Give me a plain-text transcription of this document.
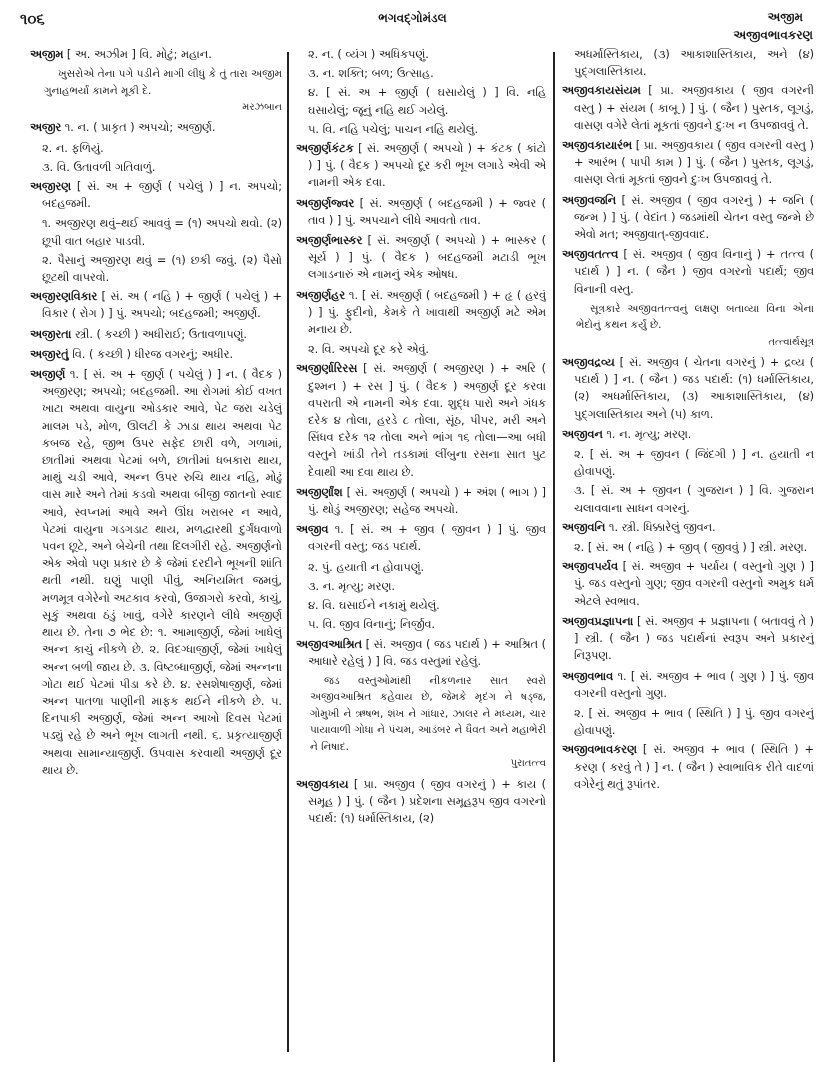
૧૦૬	ભગવદ્ગોમંડલ	અજીમ
અજીવભાવકરણ
અજીમ [ અ. અઝીમ ] વિ. મોટું; મહાન.
ખુસરોએ તેના પગે પડીને માગી લીધું કે તું તારા અજીમ ગુનાહભર્યાં કામને મૂકી દે.
મરઝબાન
અજીર ૧. ન. ( પ્રાકૃત ) અપચો; અજીર્ણ.
૨. ન. ફળિયું.
૩. વિ. ઉતાવળી ગતિવાળું.
અજીરણ [ સં. અ + જીર્ણ ( પચેલું ) ] ન. અપચો; બદહજમી.
૧. અજીરણ થવું–થઈ આવવું = (૧) અપચો થવો. (૨) છૂપી વાત બહાર પાડવી.
૨. પૈસાનું અજીરણ થવું = (૧) છકી જવું. (૨) પૈસો છૂટથી વાપરવો.
અજીરણવિકાર [ સં. અ ( નહિ ) + જીર્ણ ( પચેલું ) + વિકાર ( રોગ ) ] પું. અપચો; બદહજમી; અજીર્ણ.
અજીરતા સ્ત્રી. ( કચ્છી ) અધીરાઈ; ઉતાવળાપણું.
અજીરતું વિ. ( કચ્છી ) ધીરજ વગરનું; અધીર.
અજીર્ણ ૧. [ સં. અ + જીર્ણ ( પચેલું ) ] ન. ( વૈદક ) અજીરણ; અપચો; બદહજમી. આ રોગમાં કોઈ વખત ખાટા અથવા વાયુના ઓડકાર આવે, પેટ જરા ચડેલું માલમ પડે, મોળ, ઊલટી કે ઝાડા થાય અથવા પેટ કબજ રહે, જીભ ઉપર સફેદ છારી વળે, ગળામાં, છાતીમાં અથવા પેટમાં બળે, છાતીમાં ધબકારા થાય, માથું ચડી આવે, અન્ન ઉપર રુચિ થાય નહિ, મોઢું વાસ મારે અને તેમાં કડવો અથવા બીજી જાતનો સ્વાદ આવે, સ્વપ્નમાં આવે અને ઊંઘ ખરાબર ન આવે, પેટમાં વાયુના ગડગડાટ થાય, મળદ્વારથી દુર્ગંધવાળો પવન છૂટે, અને બેચેની તથા દિલગીરી રહે. અજીર્ણનો એક એવો પણ પ્રકાર છે કે જેમાં દરદીને ભૂખની શાંતિ થતી નથી. ઘણું પાણી પીવું, અનિયમિત જમવું, મળમૂત્ર વગેરેનો અટકાવ કરવો, ઉજાગરો કરવો, કાચું, સૂકું અથવા ઠંડું ખાવું, વગેરે કારણને લીધે અજીર્ણ થાય છે. તેના ૭ ભેદ છે: ૧. આમાજીર્ણ, જેમાં ખાધેલું અન્ન કાચું નીકળે છે. ૨. વિદગ્ધાજીર્ણ, જેમાં ખાધેલું અન્ન બળી જાય છે. ૩. વિષ્ટબ્ધાજીર્ણ, જેમાં અન્નના ગોટા થઈ પેટમાં પીડા કરે છે. ૪. રસશેષાજીર્ણ, જેમાં અન્ન પાતળા પાણીની માફક થઈને નીકળે છે. ૫. દિનપાકી અજીર્ણ, જેમાં અન્ન આખો દિવસ પેટમાં પડ્યું રહે છે અને ભૂખ લાગતી નથી. ૬. પ્રકૃત્યાજીર્ણ અથવા સામાન્યાજીર્ણ. ઉપવાસ કરવાથી અજીર્ણ દૂર થાય છે.
૨. ન. ( વ્યંગ ) અધિકપણું.
૩. ન. શક્તિ; બળ; ઉત્સાહ.
૪. [ સં. અ + જીર્ણ ( ઘસાયેલું ) ] વિ. નહિ ઘસાયેલું; જૂનું નહિ થઈ ગયેલું.
૫. વિ. નહિ પચેલું; પાચન નહિ થયેલું.
અજીર્ણકંટક [ સં. અજીર્ણ ( અપચો ) + કંટક ( કાંટો ) ] પું. ( વૈદક ) અપચો દૂર કરી ભૂખ લગાડે એવી એ નામની એક દવા.
અજીર્ણજ્વર [ સં. અજીર્ણ ( બદહજમી ) + જ્વર ( તાવ ) ] પું. અપચાને લીધે આવતો તાવ.
અજીર્ણભાસ્કર [ સં. અજીર્ણ ( અપચો ) + ભાસ્કર ( સૂર્ય ) ] પું. ( વૈદક ) બદહજમી મટાડી ભૂખ લગાડનારું એ નામનું એક ઓષધ.
અજીર્ણહર ૧. [ સં. અજીર્ણ ( બદહજમી ) + હૃ ( હરવું ) ] પું. ફુદીનો, કેમકે તે ખાવાથી અજીર્ણ મટે એમ મનાય છે.
૨. વિ. અપચો દૂર કરે એવું.
અજીર્ણારિરસ [ સં. અજીર્ણ ( અજીરણ ) + અરિ ( દુશ્મન ) + રસ ] પું. ( વૈદક ) અજીર્ણ દૂર કરવા વપરાતી એ નામની એક દવા. શુદ્ધ પારો અને ગંધક દરેક ૪ તોલા, હરડે ૮ તોલા, સૂંઠ, પીપર, મરી અને સિંધવ દરેક ૧૨ તોલા અને ભાંગ ૧૬ તોલા—આ બધી વસ્તુને ખાંડી તેને તડકામાં લીંબુના રસના સાત પુટ દેવાથી આ દવા થાય છે.
અજીર્ણાંશ [ સં. અજીર્ણ ( અપચો ) + અંશ ( ભાગ ) ] પું. થોડું અજીરણ; સહેજ અપચો.
અજીવ ૧. [ સં. અ + જીવ ( જીવન ) ] પું. જીવ વગરની વસ્તુ; જડ પદાર્થ.
૨. પું. હયાતી ન હોવાપણું.
૩. ન. મૃત્યુ; મરણ.
૪. વિ. ઘસાઈને નકામું થયેલું.
૫. વિ. જીવ વિનાનું; નિર્જીવ.
અજીવઆશ્રિત [ સં. અજીવ ( જડ પદાર્થ ) + આશ્રિત ( આધારે રહેલું ) ] વિ. જડ વસ્તુમાં રહેલું.
જડ વસ્તુઓમાંથી નીકળનાર સાત સ્વરો અજીવઆશ્રિત કહેવાય છે, જેમકે મૃદંગ ને ષડ્જ, ગોમુખી ને ઋષભ, શંખ ને ગાંધાર, ઝાલર ને મધ્યમ, ચાર પાયાવાળી ગોધા ને પંચમ, આડંબર ને ધૈવત અને મહાભેરી ને નિષાદ.
પુરાતત્ત્વ
અજીવકાય [ પ્રા. અજીવ ( જીવ વગરનું ) + કાય ( સમૂહ ) ] પું. ( જૈન ) પ્રદેશના સમૂહરૂપ જીવ વગરનો પદાર્થ: (૧) ધર્માસ્તિકાય, (૨)
અધર્માસ્તિકાય, (૩) આકાશાસ્તિકાય, અને (૪) પુદ્ગલાસ્તિકાય.
અજીવકાયસંયમ [ પ્રા. અજીવકાય ( જીવ વગરની વસ્તુ ) + સંયમ ( કાબૂ ) ] પું. ( જૈન ) પુસ્તક, લૂગડું, વાસણ વગેરે લેતાં મૂકતાં જીવને દુઃખ ન ઉપજાવવું તે.
અજીવકાયારંભ [ પ્રા. અજીવકાય ( જીવ વગરની વસ્તુ ) + આરંભ ( પાપી કામ ) ] પું. ( જૈન ) પુસ્તક, લૂગડું, વાસણ લેતાં મૂકતાં જીવને દુઃખ ઉપજાવવું તે.
અજીવજનિ [ સં. અજીવ ( જીવ વગરનું ) + જનિ ( જન્મ ) ] પું. ( વેદાંત ) જડમાંથી ચેતન વસ્તુ જન્મે છે એવો મત; અજીવાત્-જીવવાદ.
અજીવતત્ત્વ [ સં. અજીવ ( જીવ વિનાનું ) + તત્ત્વ ( પદાર્થ ) ] ન. ( જૈન ) જીવ વગરનો પદાર્થ; જીવ વિનાની વસ્તુ.
સૂત્રકારે અજીવતત્ત્વનું લક્ષણ બતાવ્યા વિના એના ભેદોનું કથન કર્યું છે.
તત્ત્વાર્થસૂત્ર
અજીવદ્રવ્ય [ સં. અજીવ ( ચેતના વગરનું ) + દ્રવ્ય ( પદાર્થ ) ] ન. ( જૈન ) જડ પદાર્થ: (૧) ધર્માસ્તિકાય, (૨) અધર્માસ્તિકાય, (૩) આકાશાસ્તિકાય, (૪) પુદ્ગલાસ્તિકાય અને (૫) કાળ.
અજીવન ૧. ન. મૃત્યુ; મરણ.
૨. [ સં. અ + જીવન ( જિંદગી ) ] ન. હયાતી ન હોવાપણું.
૩. [ સં. અ + જીવન ( ગુજરાન ) ] વિ. ગુજરાન ચલાવવાના સાધન વગરનું.
અજીવનિ ૧. સ્ત્રી. ધિક્કારેલું જીવન.
૨. [ સં. અ ( નહિ ) + જીવ્ ( જીવવું ) ] સ્ત્રી. મરણ.
અજીવપર્યવ [ સં. અજીવ + પર્યાય ( વસ્તુનો ગુણ ) ] પું. જડ વસ્તુનો ગુણ; જીવ વગરની વસ્તુનો અમુક ધર્મ એટલે સ્વભાવ.
અજીવપ્રજ્ઞાપના [ સં. અજીવ + પ્રજ્ઞાપના ( બતાવવું તે ) ] સ્ત્રી. ( જૈન ) જડ પદાર્થનાં સ્વરૂપ અને પ્રકારનું નિરૂપણ.
અજીવભાવ ૧. [ સં. અજીવ + ભાવ ( ગુણ ) ] પું. જીવ વગરની વસ્તુનો ગુણ.
૨. [ સં. અજીવ + ભાવ ( સ્થિતિ ) ] પું. જીવ વગરનું હોવાપણું.
અજીવભાવકરણ [ સં. અજીવ + ભાવ ( સ્થિતિ ) + કરણ ( કરવું તે ) ] ન. ( જૈન ) સ્વાભાવિક રીતે વાદળાં વગેરેનું થતું રૂપાંતર.
